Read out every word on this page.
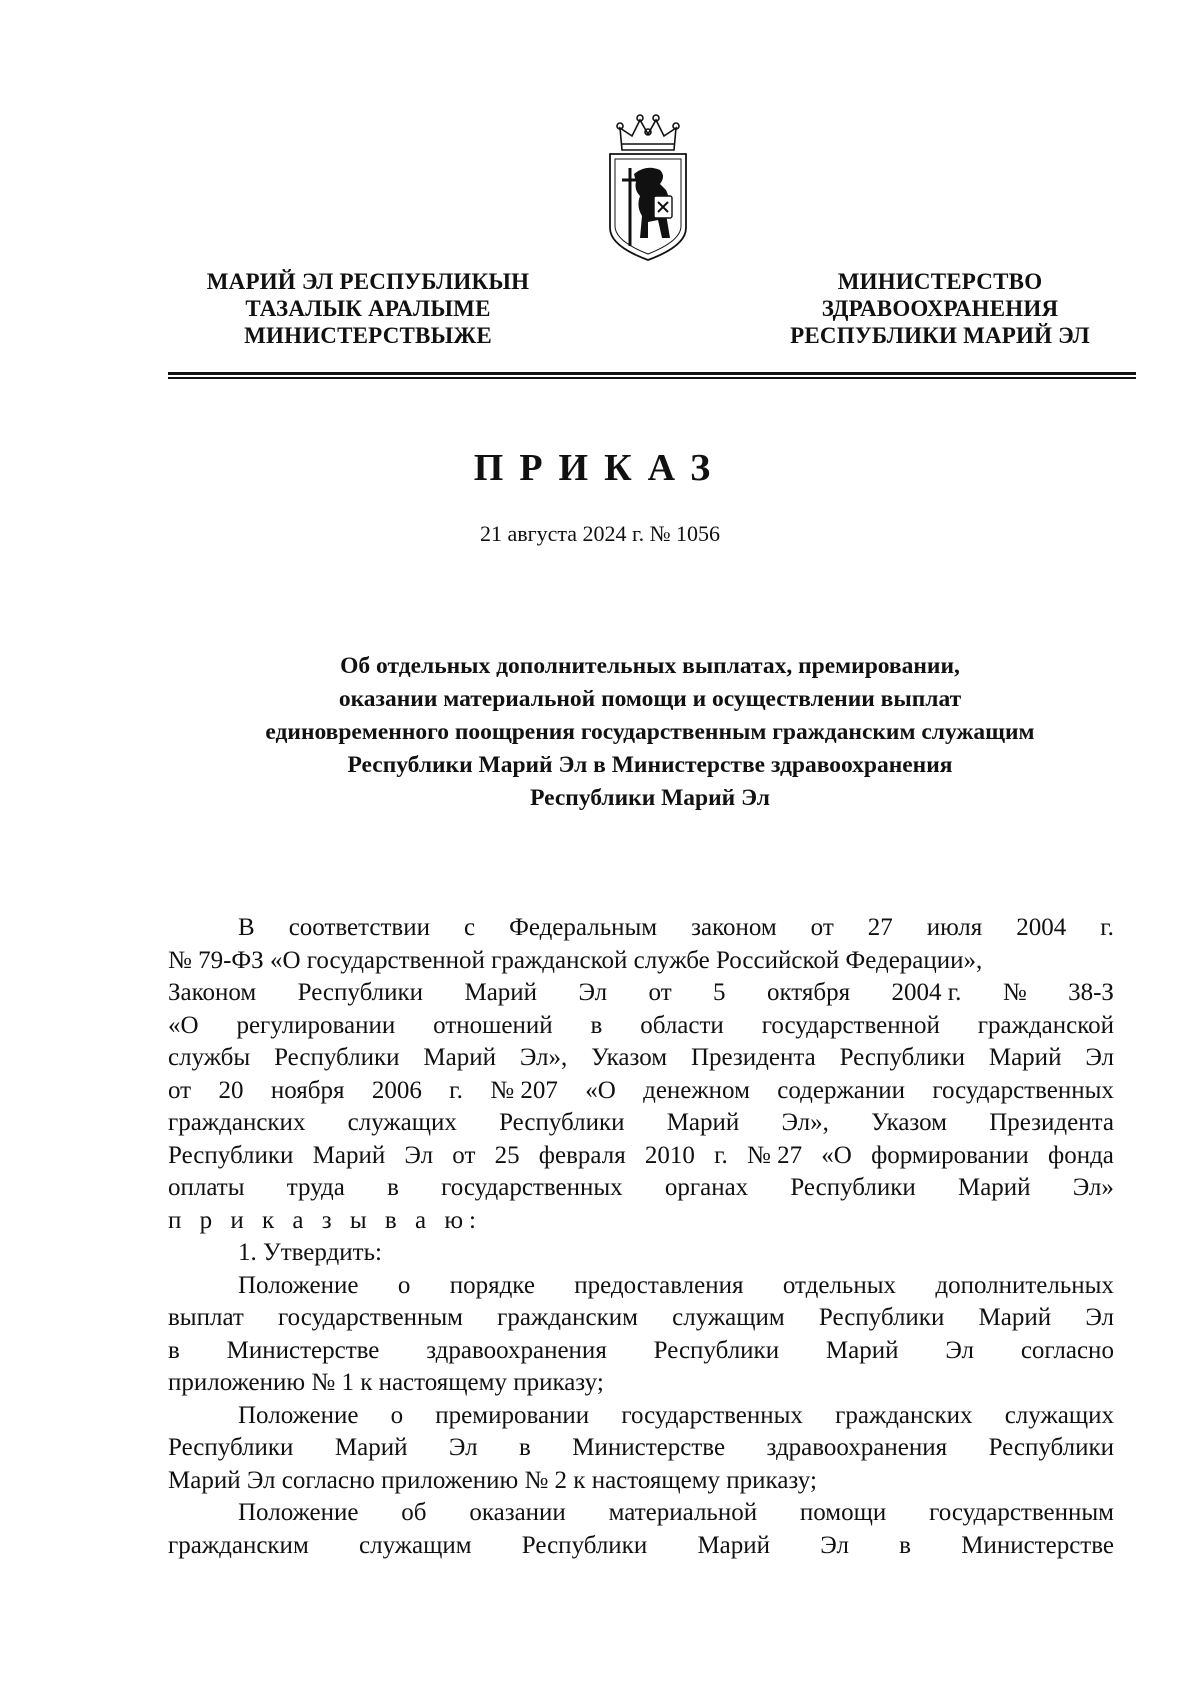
МАРИЙ ЭЛ РЕСПУБЛИКЫН
ТАЗАЛЫК АРАЛЫМЕ
МИНИСТЕРСТВЫЖЕ
МИНИСТЕРСТВО
ЗДРАВООХРАНЕНИЯ
РЕСПУБЛИКИ МАРИЙ ЭЛ
ПРИКАЗ
21 августа 2024 г. № 1056
Об отдельных дополнительных выплатах, премировании,
оказании материальной помощи и осуществлении выплат
единовременного поощрения государственным гражданским служащим
Республики Марий Эл в Министерстве здравоохранения
Республики Марий Эл
В соответствии с Федеральным законом от 27 июля 2004 г.
№ 79-ФЗ «О государственной гражданской службе Российской Федерации»,
Законом Республики Марий Эл от 5 октября 2004 г. № 38-З
«О регулировании отношений в области государственной гражданской
службы Республики Марий Эл», Указом Президента Республики Марий Эл
от 20 ноября 2006 г. № 207 «О денежном содержании государственных
гражданских служащих Республики Марий Эл», Указом Президента
Республики Марий Эл от 25 февраля 2010 г. № 27 «О формировании фонда
оплаты труда в государственных органах Республики Марий Эл»
п р и к а з ы в а ю:
1. Утвердить:
Положение о порядке предоставления отдельных дополнительных
выплат государственным гражданским служащим Республики Марий Эл
в Министерстве здравоохранения Республики Марий Эл согласно
приложению № 1 к настоящему приказу;
Положение о премировании государственных гражданских служащих
Республики Марий Эл в Министерстве здравоохранения Республики
Марий Эл согласно приложению № 2 к настоящему приказу;
Положение об оказании материальной помощи государственным
гражданским служащим Республики Марий Эл в Министерстве
